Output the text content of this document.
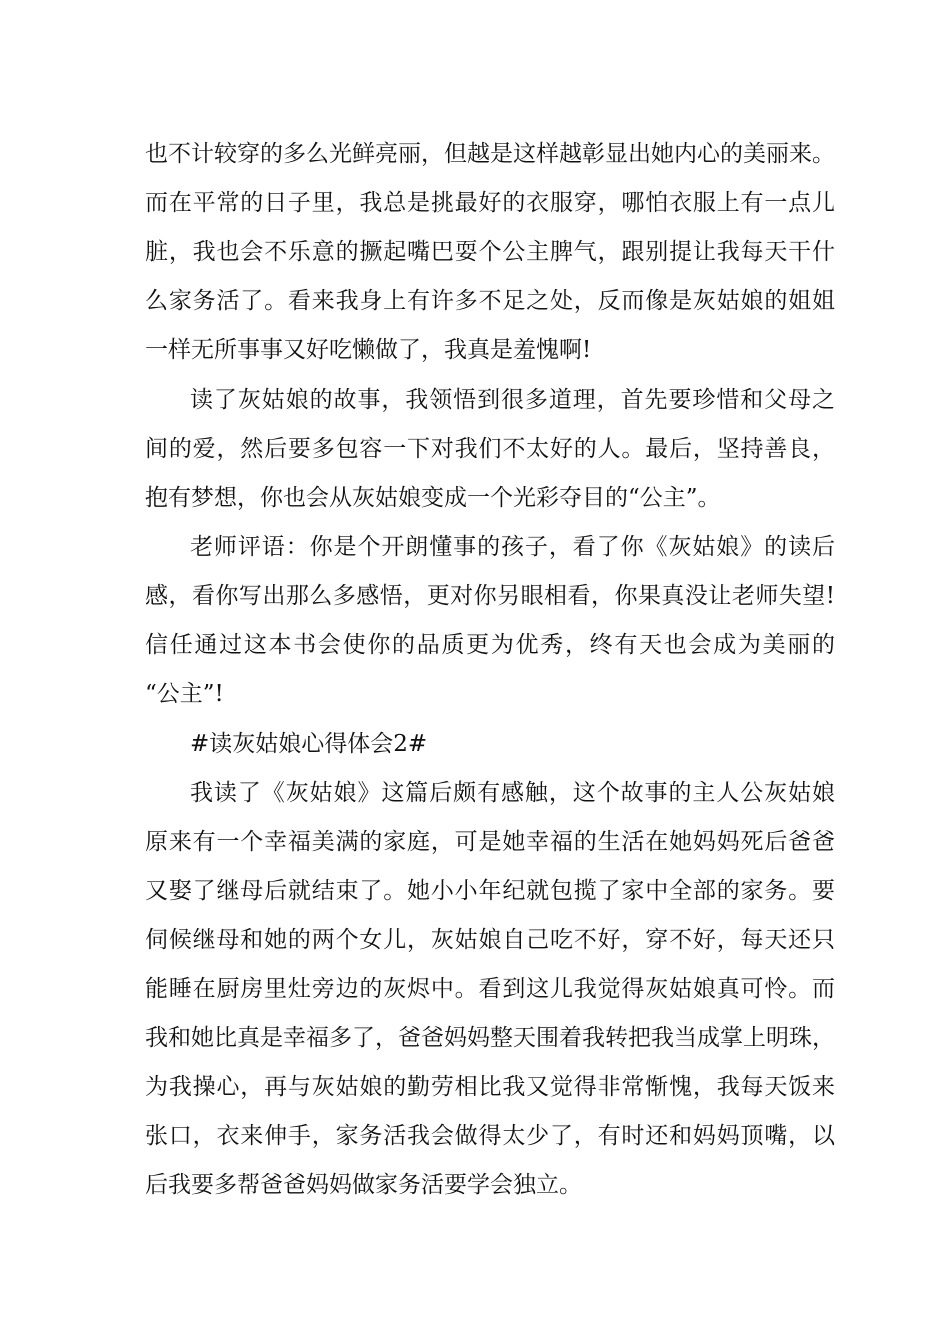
也不计较穿的多么光鲜亮丽，但越是这样越彰显出她内心的美丽来。
而在平常的日子里，我总是挑最好的衣服穿，哪怕衣服上有一点儿
脏，我也会不乐意的撅起嘴巴耍个公主脾气，跟别提让我每天干什
么家务活了。看来我身上有许多不足之处，反而像是灰姑娘的姐姐
一样无所事事又好吃懒做了，我真是羞愧啊!
读了灰姑娘的故事，我领悟到很多道理，首先要珍惜和父母之
间的爱，然后要多包容一下对我们不太好的人。最后，坚持善良，
抱有梦想，你也会从灰姑娘变成一个光彩夺目的“公主”。
老师评语：你是个开朗懂事的孩子，看了你《灰姑娘》的读后
感，看你写出那么多感悟，更对你另眼相看，你果真没让老师失望!
信任通过这本书会使你的品质更为优秀，终有天也会成为美丽的
“公主”!
#读灰姑娘心得体会2#
我读了《灰姑娘》这篇后颇有感触，这个故事的主人公灰姑娘
原来有一个幸福美满的家庭，可是她幸福的生活在她妈妈死后爸爸
又娶了继母后就结束了。她小小年纪就包揽了家中全部的家务。要
伺候继母和她的两个女儿，灰姑娘自己吃不好，穿不好，每天还只
能睡在厨房里灶旁边的灰烬中。看到这儿我觉得灰姑娘真可怜。而
我和她比真是幸福多了，爸爸妈妈整天围着我转把我当成掌上明珠，
为我操心，再与灰姑娘的勤劳相比我又觉得非常惭愧，我每天饭来
张口，衣来伸手，家务活我会做得太少了，有时还和妈妈顶嘴，以
后我要多帮爸爸妈妈做家务活要学会独立。
